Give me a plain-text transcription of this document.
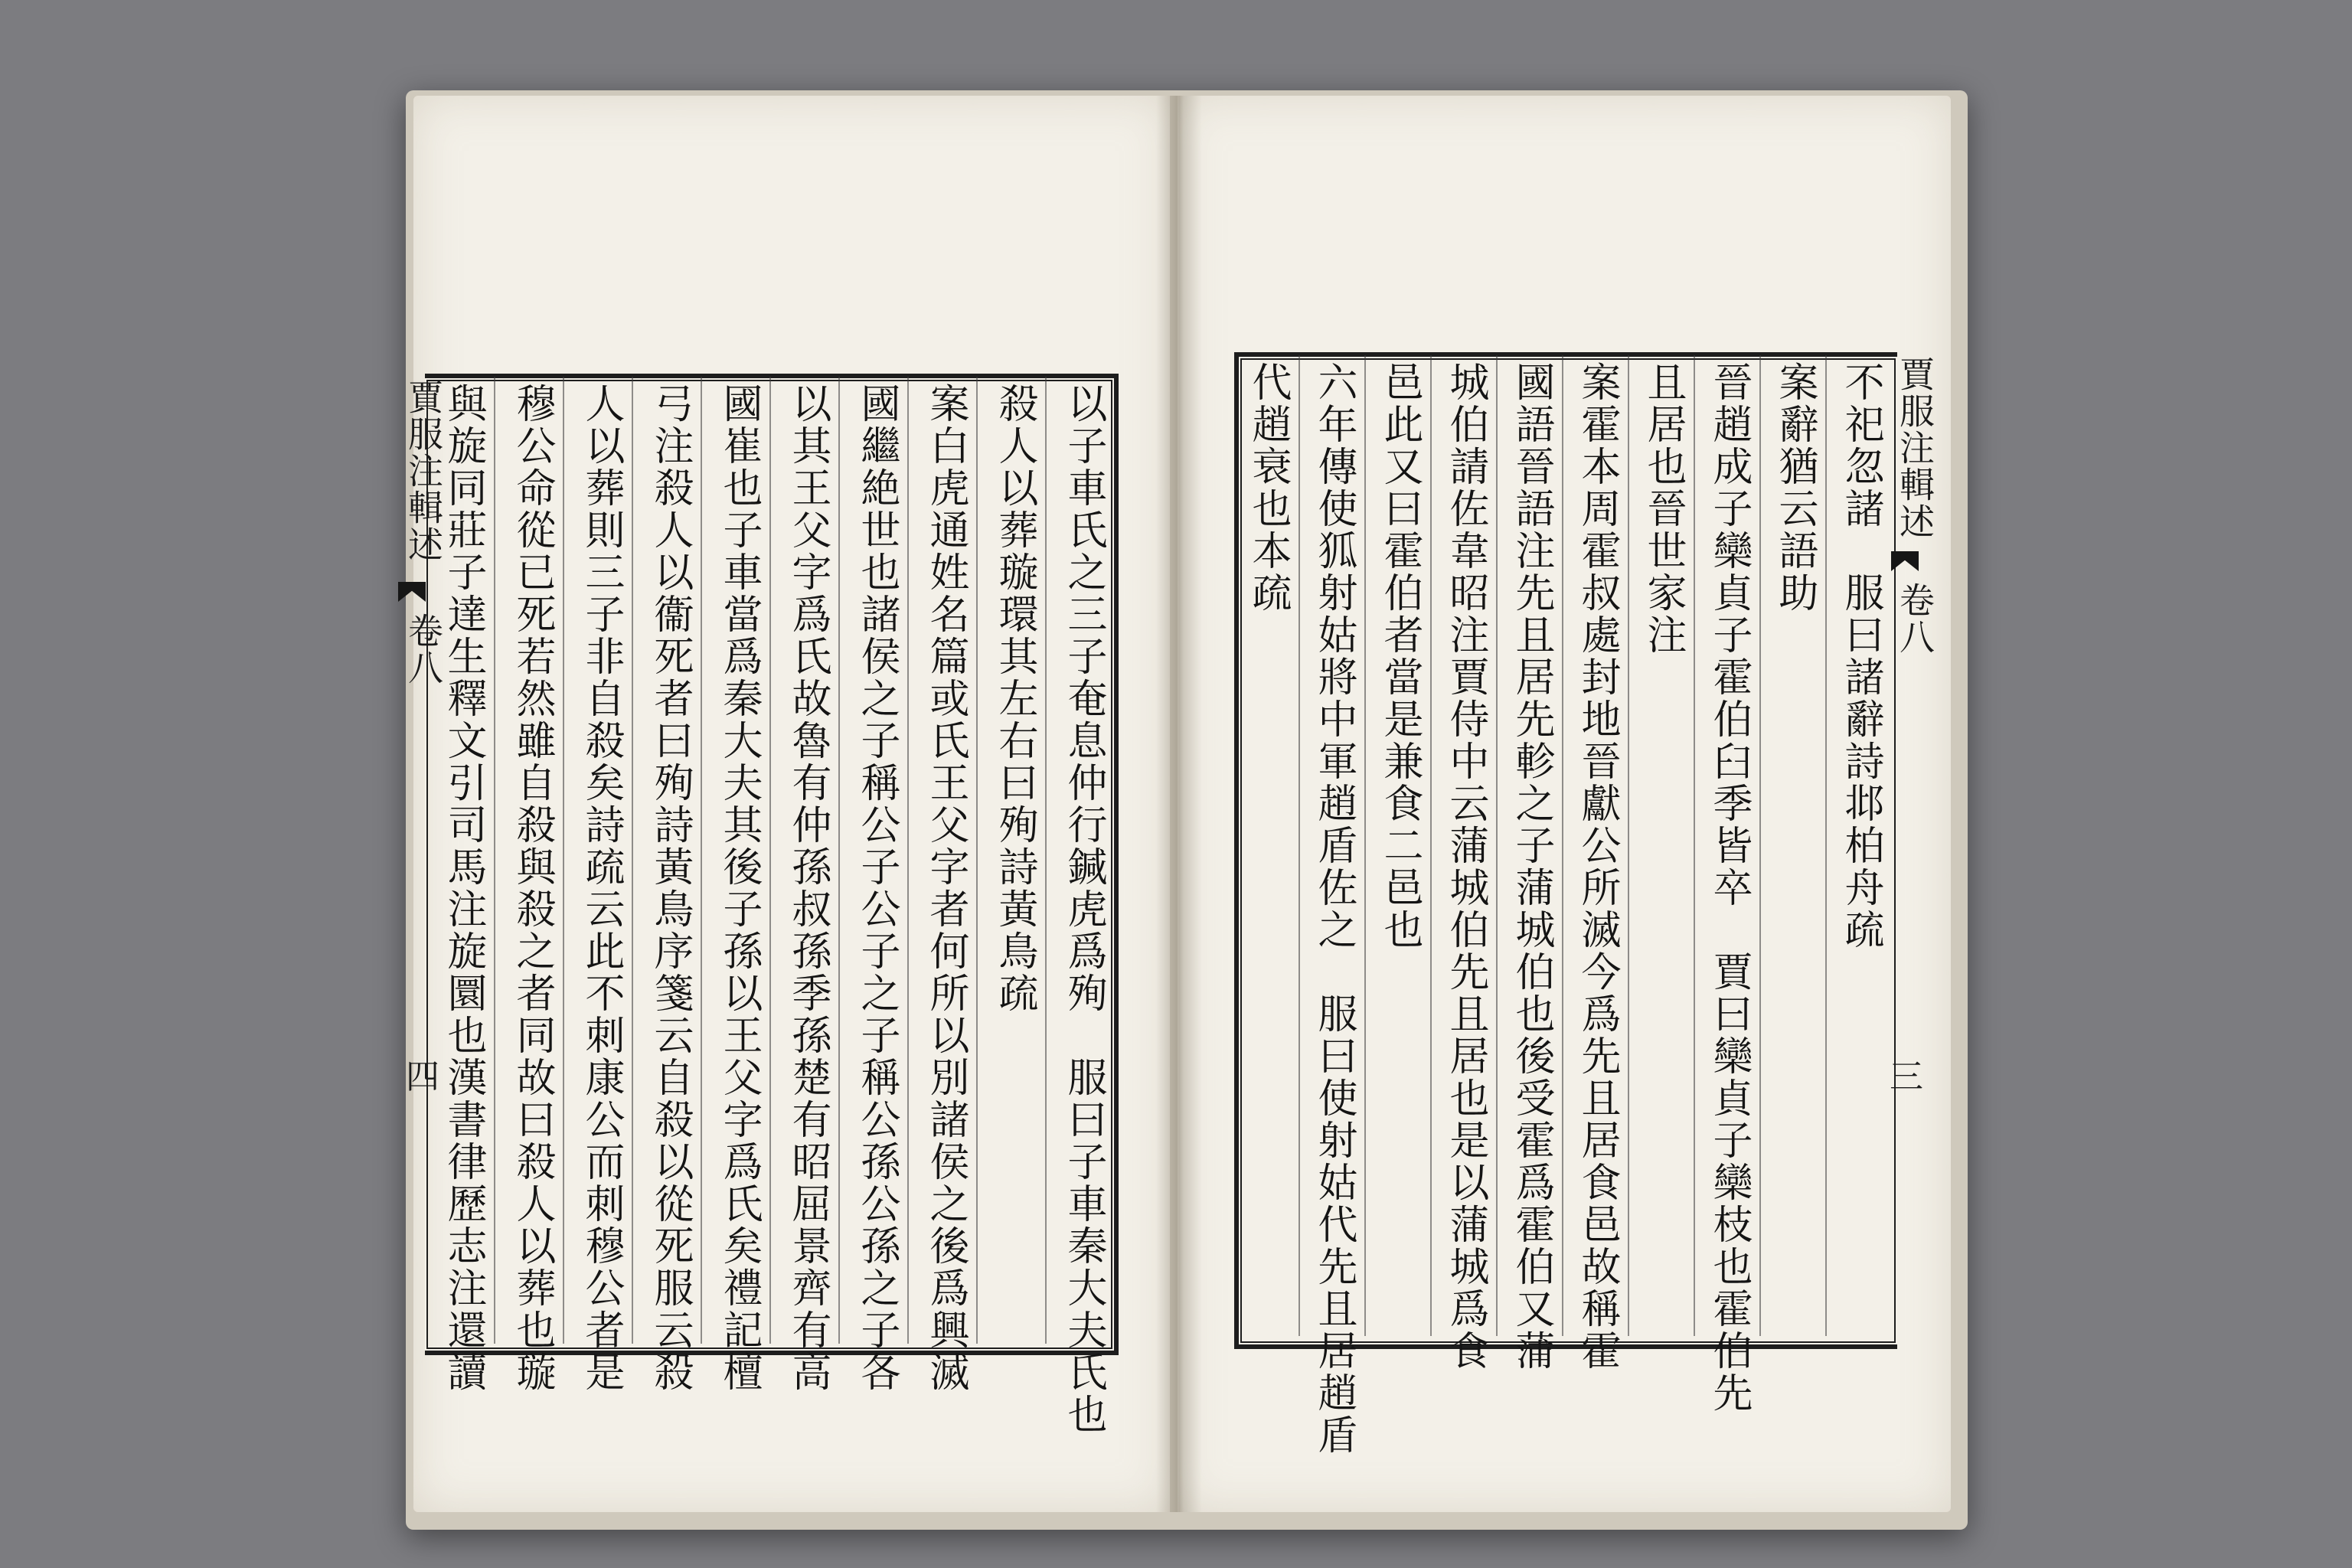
賈服注輯述
卷八
四	以子車氏之三子奄息仲行鍼虎爲殉　服曰子車秦大夫氏也
殺人以葬璇環其左右曰殉詩黃鳥疏
案白虎通姓名篇或氏王父字者何所以別諸侯之後爲興滅
國繼絶世也諸侯之子稱公子公子之子稱公孫公孫之子各
以其王父字爲氏故魯有仲孫叔孫季孫楚有昭屈景齊有高
國崔也子車當爲秦大夫其後子孫以王父字爲氏矣禮記檀
弓注殺人以衞死者曰殉詩黃鳥序箋云自殺以從死服云殺
人以葬則三子非自殺矣詩疏云此不刺康公而刺穆公者是
穆公命從已死若然雖自殺與殺之者同故曰殺人以葬也璇
與旋同莊子達生釋文引司馬注旋圜也漢書律歷志注還讀	賈服注輯述
卷八
三
不祀忽諸　服曰諸辭詩邶柏舟疏
案辭猶云語助
晉趙成子欒貞子霍伯臼季皆卒　賈曰欒貞子欒枝也霍伯先
且居也晉世家注
案霍本周霍叔處封地晉獻公所滅今爲先且居食邑故稱霍
國語晉語注先且居先軫之子蒲城伯也後受霍爲霍伯又蒲
城伯請佐韋昭注賈侍中云蒲城伯先且居也是以蒲城爲食
邑此又曰霍伯者當是兼食二邑也
六年傳使狐射姑將中軍趙盾佐之　服曰使射姑代先且居趙盾
代趙衰也本疏
